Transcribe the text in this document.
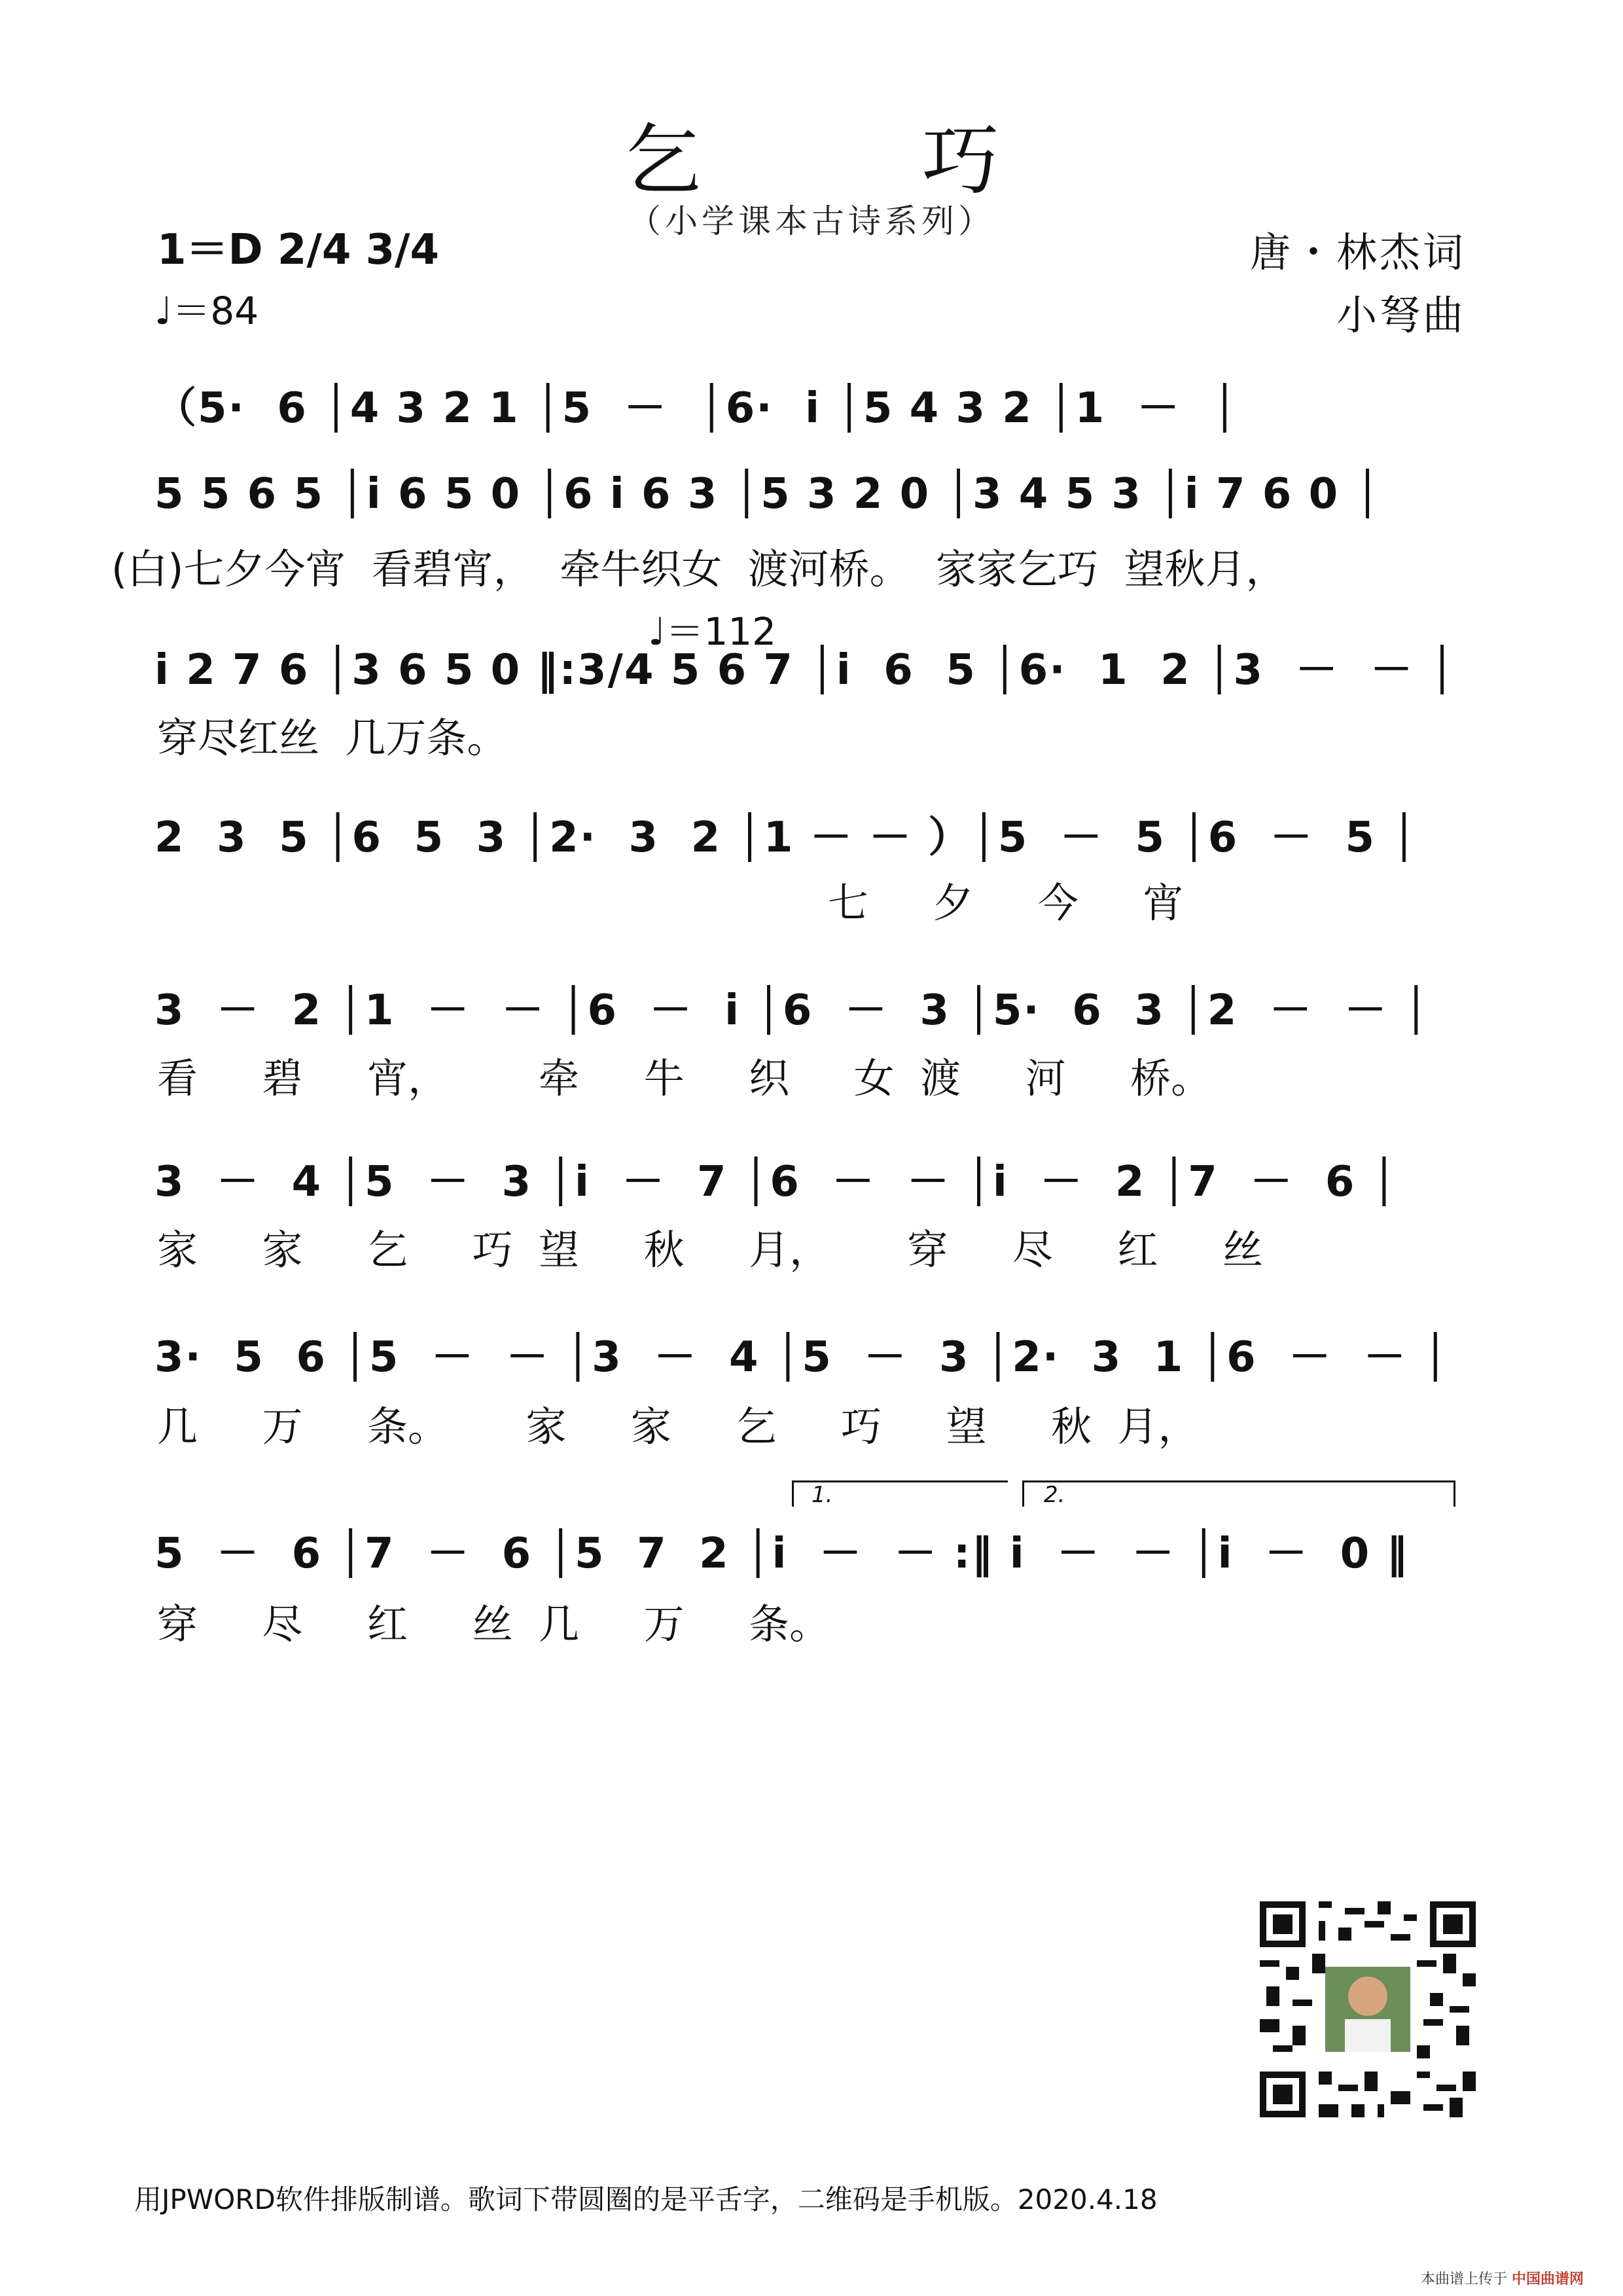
乞 巧
（小学课本古诗系列）
1＝D 2/4 3/4
♩＝84
唐・林杰词
小弩曲
（5·  6 │4 3 2 1 │5  －  │6·  i │5 4 3 2 │1  －  │
5 5 6 5 │i 6 5 0 │6 i 6 3 │5 3 2 0 │3 4 5 3 │i 7 6 0 │
(白)七夕今宵  看碧宵，  牵牛织女  渡河桥。  家家乞巧  望秋月，
♩＝112
i 2 7 6 │3 6 5 0 ‖:3/4 5 6 7 │i  6  5 │6·  1  2 │3  －  － │
穿尽红丝  几万条。
2  3  5 │6  5  3 │2·  3  2 │1 － － ）│5  －  5 │6  －  5 │
七     夕     今     宵
3  －  2 │1  －  － │6  －  i │6  －  3 │5·  6  3 │2  －  － │
看     碧     宵，       牵     牛     织     女  渡     河     桥。
3  －  4 │5  －  3 │i  －  7 │6  －  － │i  －  2 │7  －  6 │
家     家     乞     巧  望     秋     月，      穿     尽     红     丝
3·  5  6 │5  －  － │3  －  4 │5  －  3 │2·  3  1 │6  －  － │
几     万     条。      家     家     乞     巧     望     秋  月，
1.	2.
5  －  6 │7  －  6 │5  7  2 │i  －  － :‖ i  －  － │i  －  0 ‖
穿     尽     红     丝  几     万     条。
用JPWORD软件排版制谱。歌词下带圆圈的是平舌字，二维码是手机版。2020.4.18
本曲谱上传于 中国曲谱网
